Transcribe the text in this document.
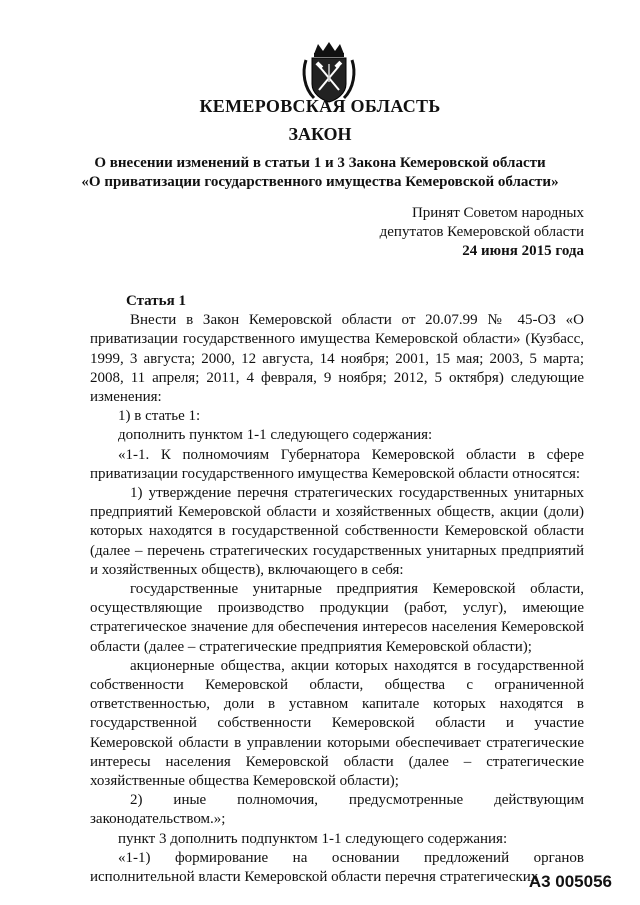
КЕМЕРОВСКАЯ ОБЛАСТЬ
ЗАКОН
О внесении изменений в статьи 1 и 3 Закона Кемеровской области
«О приватизации государственного имущества Кемеровской области»
Принят Советом народных
депутатов Кемеровской области
24 июня 2015 года

Статья 1

Внести в Закон Кемеровской области от 20.07.99 № 45-ОЗ «О приватизации государственного имущества Кемеровской области» (Кузбасс, 1999, 3 августа; 2000, 12 августа, 14 ноября; 2001, 15 мая; 2003, 5 марта; 2008, 11 апреля; 2011, 4 февраля, 9 ноября; 2012, 5 октября) следующие изменения:

1) в статье 1:

дополнить пунктом 1-1 следующего содержания:

«1-1. К полномочиям Губернатора Кемеровской области в сфере приватизации государственного имущества Кемеровской области относятся:

1) утверждение перечня стратегических государственных унитарных предприятий Кемеровской области и хозяйственных обществ, акции (доли) которых находятся в государственной собственности Кемеровской области (далее – перечень стратегических государственных унитарных предприятий и хозяйственных обществ), включающего в себя:

государственные унитарные предприятия Кемеровской области, осуществляющие производство продукции (работ, услуг), имеющие стратегическое значение для обеспечения интересов населения Кемеровской области (далее – стратегические предприятия Кемеровской области);

акционерные общества, акции которых находятся в государственной собственности Кемеровской области, общества с ограниченной ответственностью, доли в уставном капитале которых находятся в государственной собственности Кемеровской области и участие Кемеровской области в управлении которыми обеспечивает стратегические интересы населения Кемеровской области (далее – стратегические хозяйственные общества Кемеровской области);

2) иные полномочия, предусмотренные действующим законодательством.»;

пункт 3 дополнить подпунктом 1-1 следующего содержания:

«1-1) формирование на основании предложений органов исполнительной власти Кемеровской области перечня стратегических

А3 005056
